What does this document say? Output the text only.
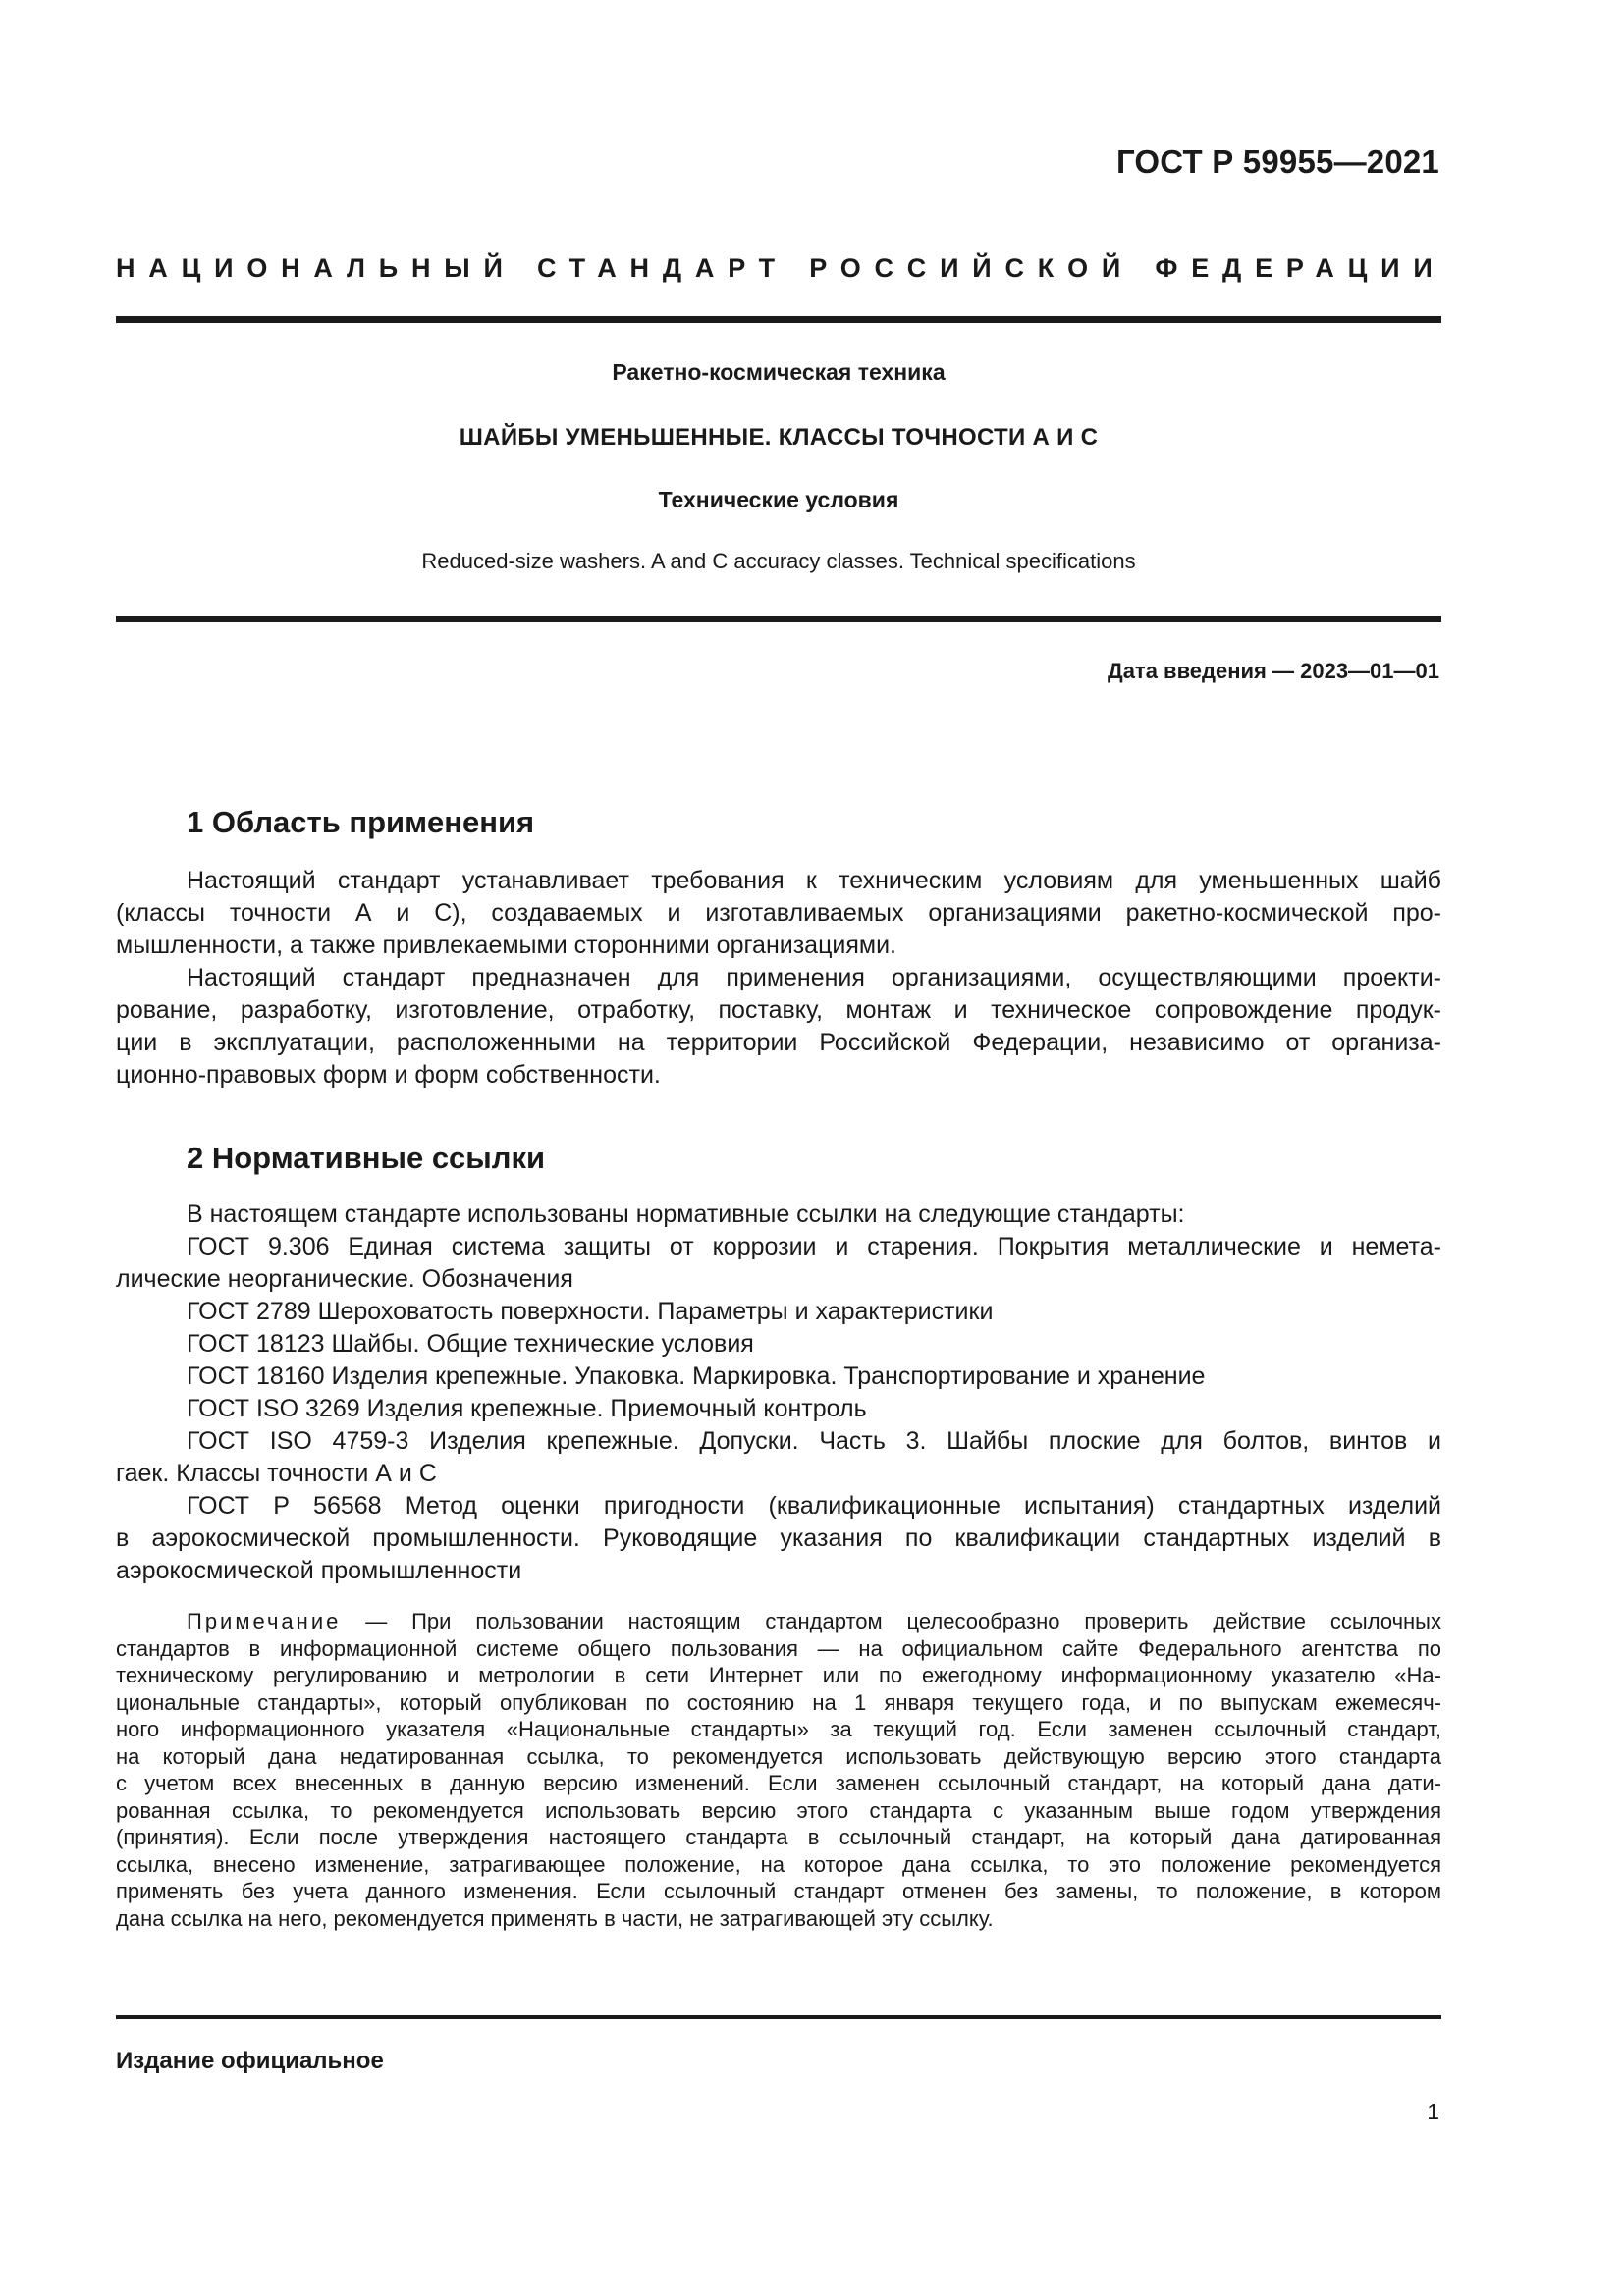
ГОСТ Р 59955—2021
НАЦИОНАЛЬНЫЙ СТАНДАРТ РОССИЙСКОЙ ФЕДЕРАЦИИ
Ракетно-космическая техника
ШАЙБЫ УМЕНЬШЕННЫЕ. КЛАССЫ ТОЧНОСТИ А И С
Технические условия
Reduced-size washers. A and C accuracy classes. Technical specifications
Дата введения — 2023—01—01
1 Область применения
Настоящий стандарт устанавливает требования к техническим условиям для уменьшенных шайб
(классы точности А и С), создаваемых и изготавливаемых организациями ракетно-космической про-
мышленности, а также привлекаемыми сторонними организациями.
Настоящий стандарт предназначен для применения организациями, осуществляющими проекти-
рование, разработку, изготовление, отработку, поставку, монтаж и техническое сопровождение продук-
ции в эксплуатации, расположенными на территории Российской Федерации, независимо от организа-
ционно-правовых форм и форм собственности.
2 Нормативные ссылки
В настоящем стандарте использованы нормативные ссылки на следующие стандарты:
ГОСТ 9.306 Единая система защиты от коррозии и старения. Покрытия металлические и немета-
лические неорганические. Обозначения
ГОСТ 2789 Шероховатость поверхности. Параметры и характеристики
ГОСТ 18123 Шайбы. Общие технические условия
ГОСТ 18160 Изделия крепежные. Упаковка. Маркировка. Транспортирование и хранение
ГОСТ ISO 3269 Изделия крепежные. Приемочный контроль
ГОСТ ISO 4759-3 Изделия крепежные. Допуски. Часть 3. Шайбы плоские для болтов, винтов и
гаек. Классы точности А и С
ГОСТ Р 56568 Метод оценки пригодности (квалификационные испытания) стандартных изделий
в аэрокосмической промышленности. Руководящие указания по квалификации стандартных изделий в
аэрокосмической промышленности
Примечание — При пользовании настоящим стандартом целесообразно проверить действие ссылочных
стандартов в информационной системе общего пользования — на официальном сайте Федерального агентства по
техническому регулированию и метрологии в сети Интернет или по ежегодному информационному указателю «На-
циональные стандарты», который опубликован по состоянию на 1 января текущего года, и по выпускам ежемесяч-
ного информационного указателя «Национальные стандарты» за текущий год. Если заменен ссылочный стандарт,
на который дана недатированная ссылка, то рекомендуется использовать действующую версию этого стандарта
с учетом всех внесенных в данную версию изменений. Если заменен ссылочный стандарт, на который дана дати-
рованная ссылка, то рекомендуется использовать версию этого стандарта с указанным выше годом утверждения
(принятия). Если после утверждения настоящего стандарта в ссылочный стандарт, на который дана датированная
ссылка, внесено изменение, затрагивающее положение, на которое дана ссылка, то это положение рекомендуется
применять без учета данного изменения. Если ссылочный стандарт отменен без замены, то положение, в котором
дана ссылка на него, рекомендуется применять в части, не затрагивающей эту ссылку.
Издание официальное
1
